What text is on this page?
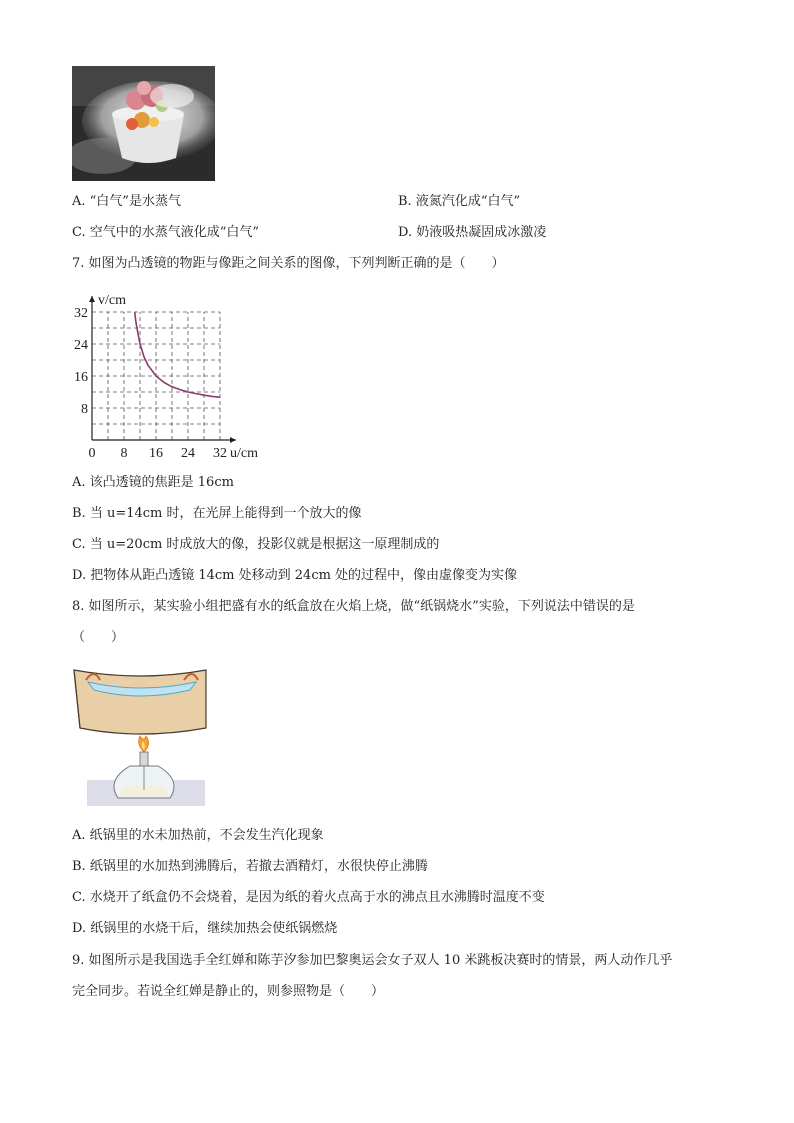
A. “白气”是水蒸气	B. 液氮汽化成“白气”
C. 空气中的水蒸气液化成“白气”	D. 奶液吸热凝固成冰激凌
7. 如图为凸透镜的物距与像距之间关系的图像，下列判断正确的是（　　）
0 8 16 24 32
8
16
24
32
u/cm
v/cm
A. 该凸透镜的焦距是 16cm
B. 当 u=14cm 时，在光屏上能得到一个放大的像
C. 当 u=20cm 时成放大的像，投影仪就是根据这一原理制成的
D. 把物体从距凸透镜 14cm 处移动到 24cm 处的过程中，像由虚像变为实像
8. 如图所示，某实验小组把盛有水的纸盒放在火焰上烧，做“纸锅烧水”实验，下列说法中错误的是
（　　）
A. 纸锅里的水未加热前，不会发生汽化现象
B. 纸锅里的水加热到沸腾后，若撤去酒精灯，水很快停止沸腾
C. 水烧开了纸盒仍不会烧着，是因为纸的着火点高于水的沸点且水沸腾时温度不变
D. 纸锅里的水烧干后，继续加热会使纸锅燃烧
9. 如图所示是我国选手全红婵和陈芋汐参加巴黎奥运会女子双人 10 米跳板决赛时的情景，两人动作几乎
完全同步。若说全红婵是静止的，则参照物是（　　）
